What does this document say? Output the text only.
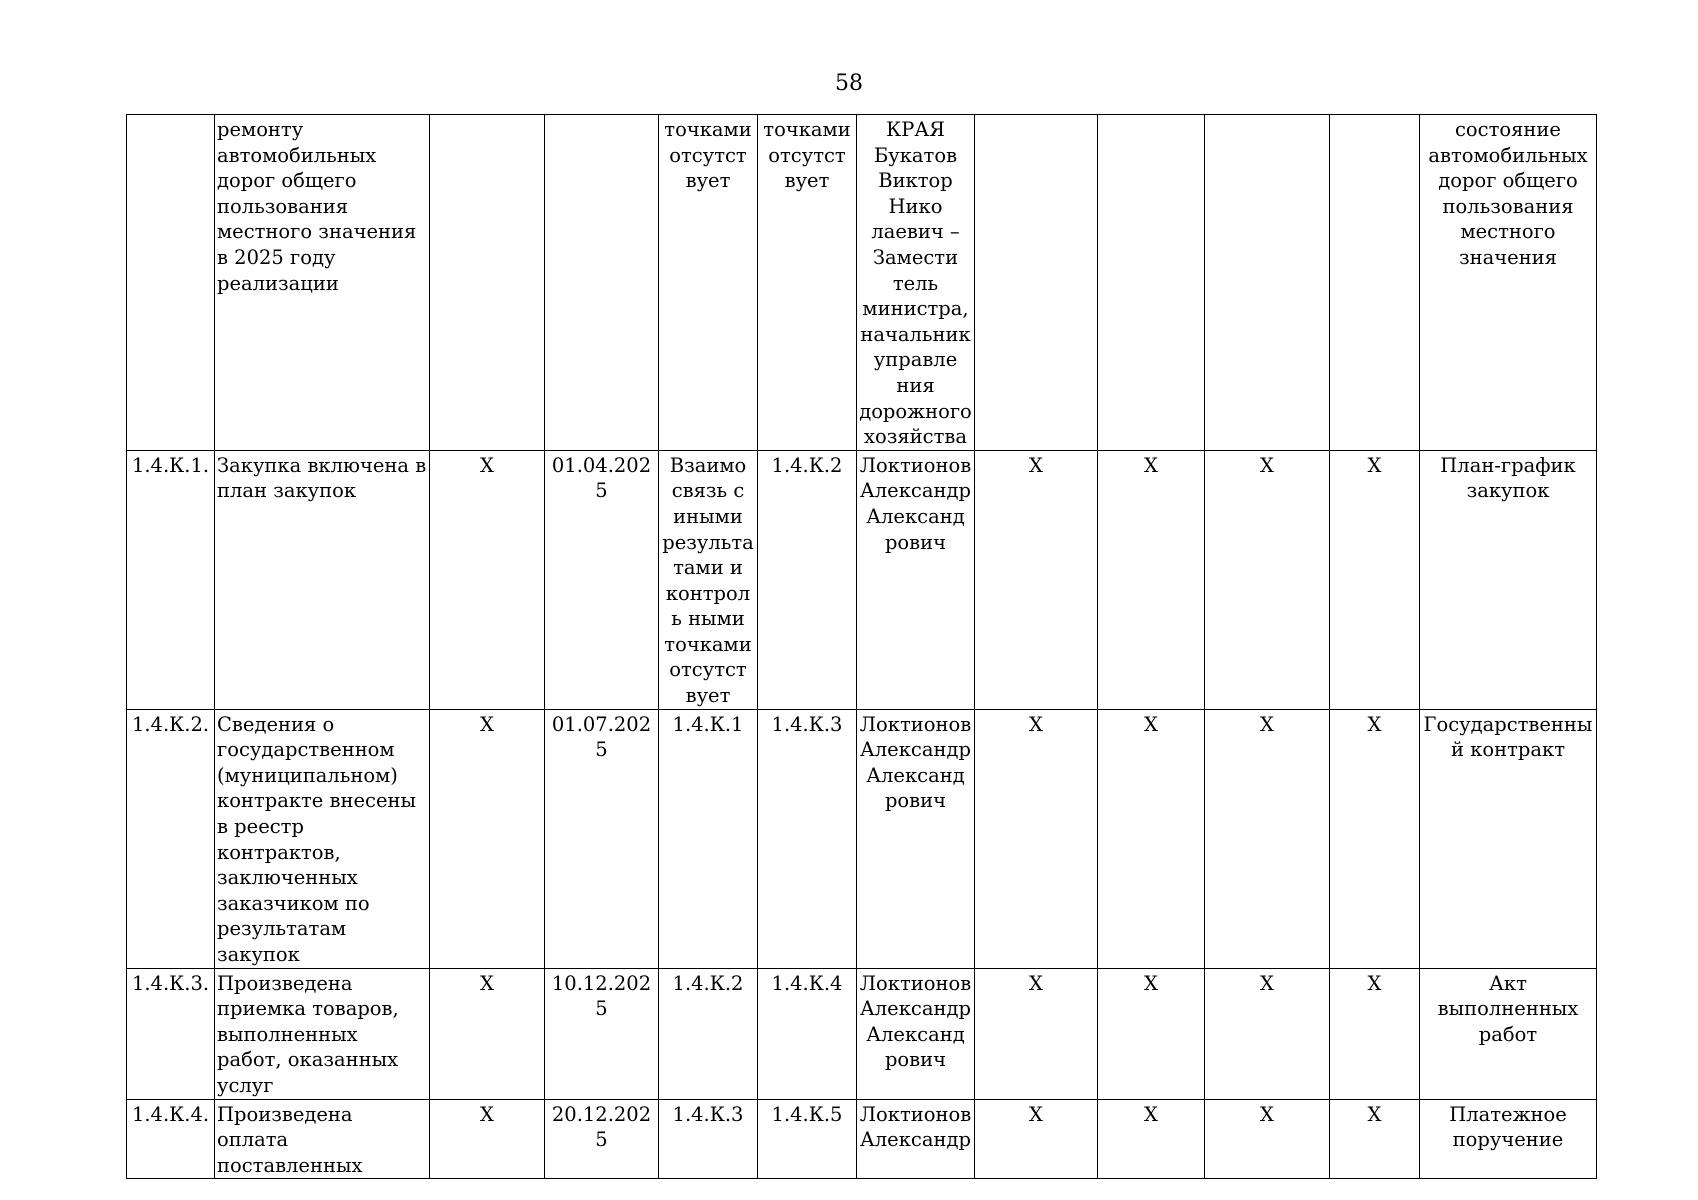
58
	ремонту автомобильных дорог общего пользования местного значения в 2025 году реализации			точками отсутст вует	точками отсутст вует	КРАЯ Букатов Виктор Нико лаевич – Замести тель министра, начальник управле ния дорожного хозяйства					состояние автомобильных дорог общего пользования местного значения
1.4.К.1.	Закупка включена в план закупок	Х	01.04.2025	Взаимо связь с иными результа тами и контроль ными точками отсутст вует	1.4.К.2	Локтионов Александр Александ рович	Х	Х	Х	Х	План-график закупок
1.4.К.2.	Сведения о государственном (муниципальном) контракте внесены в реестр контрактов, заключенных заказчиком по результатам закупок	Х	01.07.2025	1.4.К.1	1.4.К.3	Локтионов Александр Александ рович	Х	Х	Х	Х	Государственный контракт
1.4.К.3.	Произведена приемка товаров, выполненных работ, оказанных услуг	Х	10.12.2025	1.4.К.2	1.4.К.4	Локтионов Александр Александ рович	Х	Х	Х	Х	Акт выполненных работ
1.4.К.4.	Произведена оплата поставленных	Х	20.12.2025	1.4.К.3	1.4.К.5	Локтионов Александр	Х	Х	Х	Х	Платежное поручение
